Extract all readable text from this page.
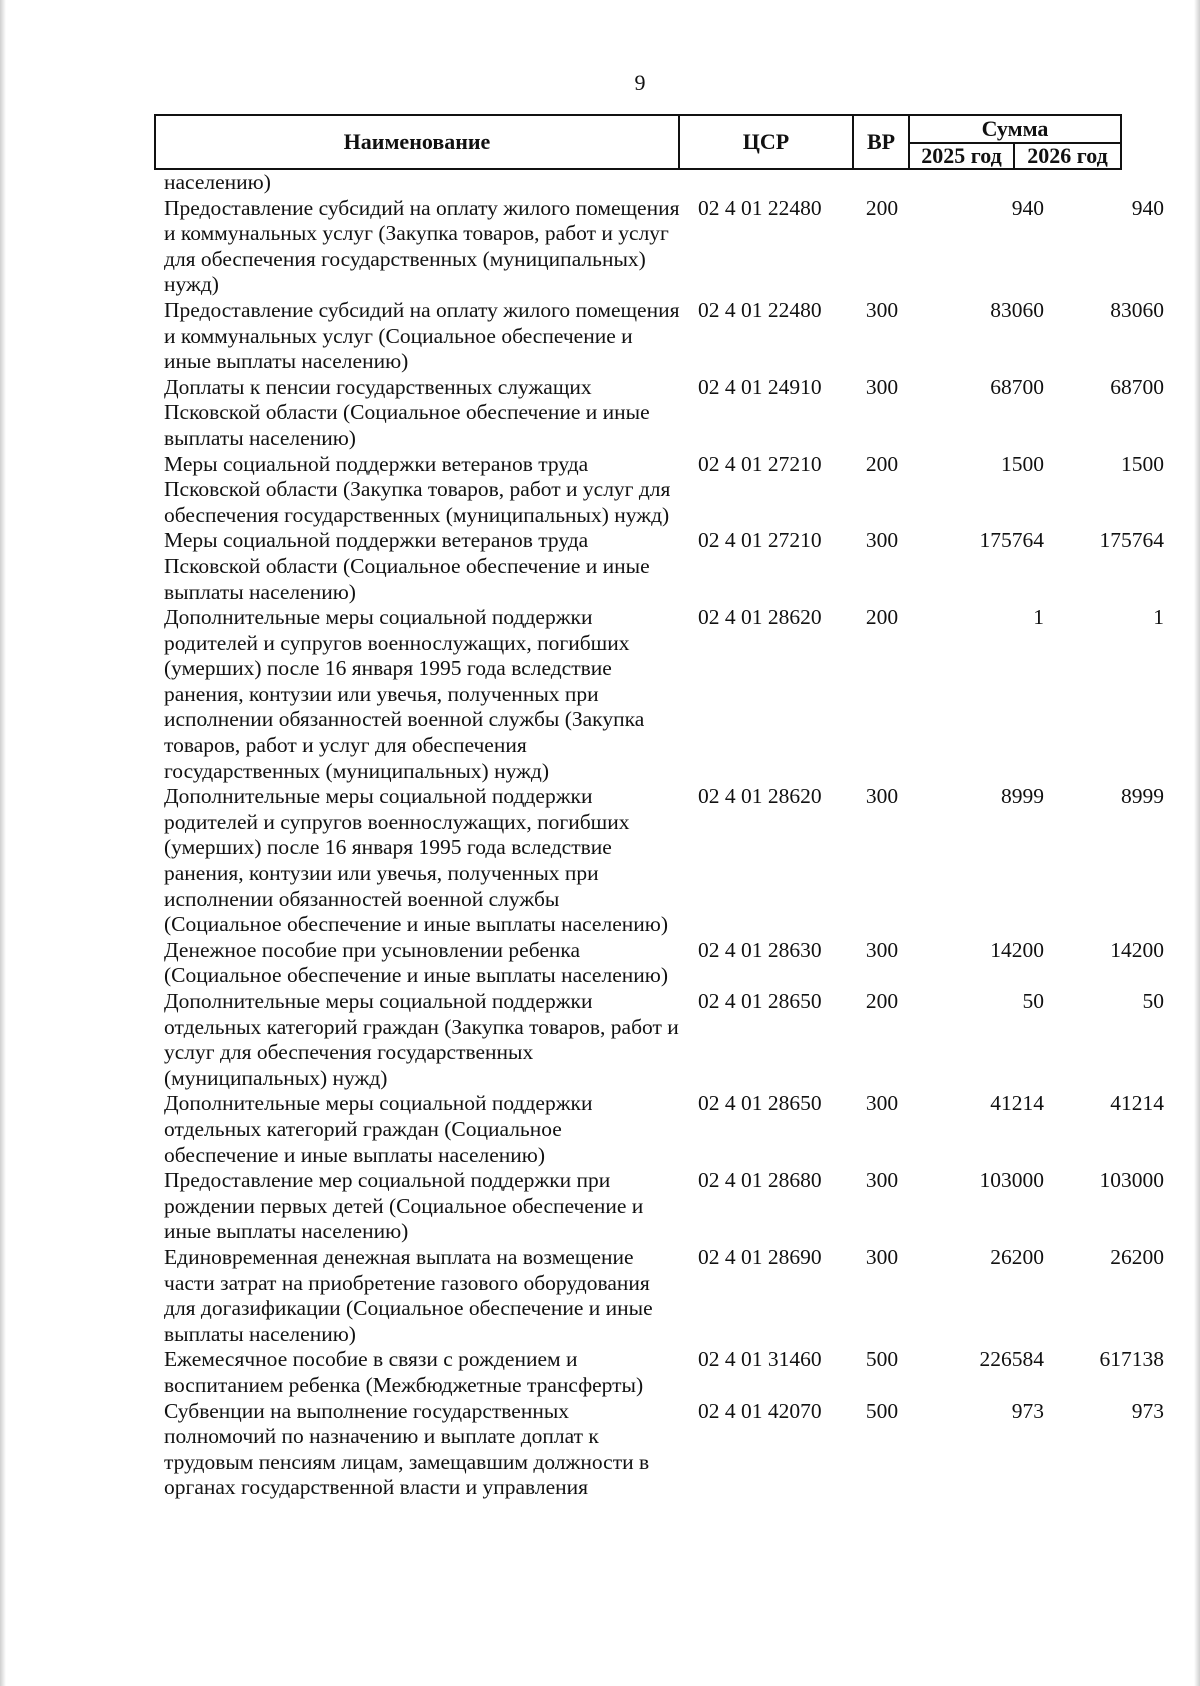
9
Наименование	ЦСР	ВР
Сумма
2025 год	2026 год
населению)
Предоставление субсидий на оплату жилого помещения и коммунальных услуг (Закупка товаров, работ и услуг для обеспечения государственных (муниципальных) нужд)
02 4 01 22480	200	940	940
Предоставление субсидий на оплату жилого помещения и коммунальных услуг (Социальное обеспечение и иные выплаты населению)
02 4 01 22480	300	83060	83060
Доплаты к пенсии государственных служащих Псковской области (Социальное обеспечение и иные выплаты населению)
02 4 01 24910	300	68700	68700
Меры социальной поддержки ветеранов труда Псковской области (Закупка товаров, работ и услуг для обеспечения государственных (муниципальных) нужд)
02 4 01 27210	200	1500	1500
Меры социальной поддержки ветеранов труда Псковской области (Социальное обеспечение и иные выплаты населению)
02 4 01 27210	300	175764	175764
Дополнительные меры социальной поддержки родителей и супругов военнослужащих, погибших (умерших) после 16 января 1995 года вследствие ранения, контузии или увечья, полученных при исполнении обязанностей военной службы (Закупка товаров, работ и услуг для обеспечения государственных (муниципальных) нужд)
02 4 01 28620	200	1	1
Дополнительные меры социальной поддержки родителей и супругов военнослужащих, погибших (умерших) после 16 января 1995 года вследствие ранения, контузии или увечья, полученных при исполнении обязанностей военной службы (Социальное обеспечение и иные выплаты населению)
02 4 01 28620	300	8999	8999
Денежное пособие при усыновлении ребенка (Социальное обеспечение и иные выплаты населению)
02 4 01 28630	300	14200	14200
Дополнительные меры социальной поддержки отдельных категорий граждан (Закупка товаров, работ и услуг для обеспечения государственных (муниципальных) нужд)
02 4 01 28650	200	50	50
Дополнительные меры социальной поддержки отдельных категорий граждан (Социальное обеспечение и иные выплаты населению)
02 4 01 28650	300	41214	41214
Предоставление мер социальной поддержки при рождении первых детей (Социальное обеспечение и иные выплаты населению)
02 4 01 28680	300	103000	103000
Единовременная денежная выплата на возмещение части затрат на приобретение газового оборудования для догазификации (Социальное обеспечение и иные выплаты населению)
02 4 01 28690	300	26200	26200
Ежемесячное пособие в связи с рождением и воспитанием ребенка (Межбюджетные трансферты)
02 4 01 31460	500	226584	617138
Субвенции на выполнение государственных полномочий по назначению и выплате доплат к трудовым пенсиям лицам, замещавшим должности в органах государственной власти и управления
02 4 01 42070	500	973	973
